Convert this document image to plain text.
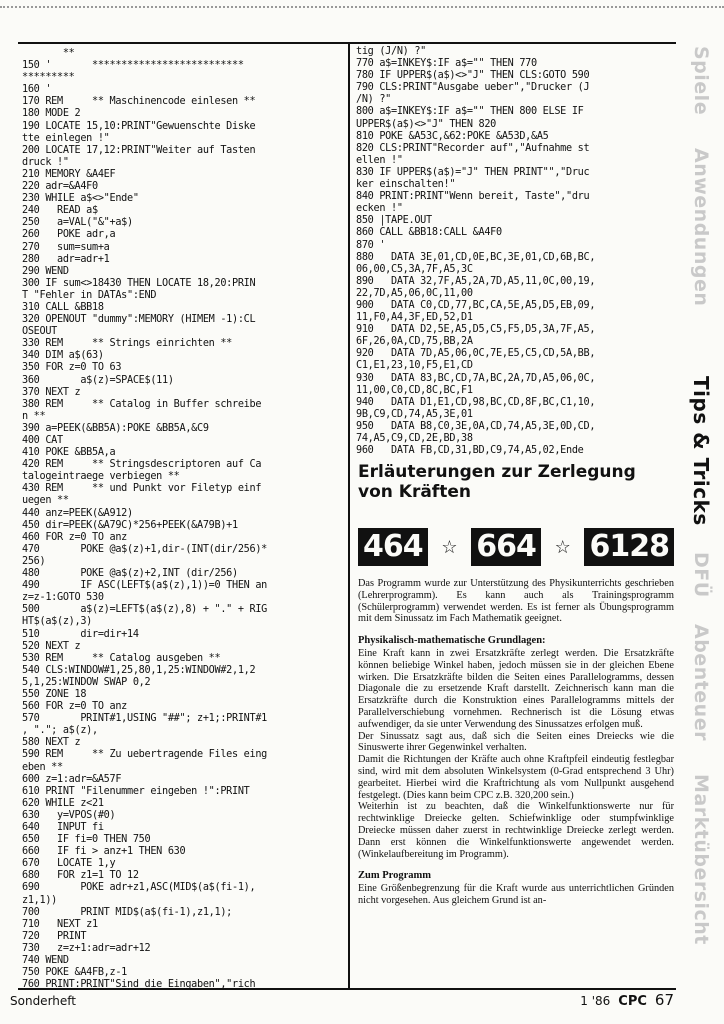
**
150 '       **************************
*********
160 '
170 REM     ** Maschinencode einlesen **
180 MODE 2
190 LOCATE 15,10:PRINT"Gewuenschte Diske
tte einlegen !"
200 LOCATE 17,12:PRINT"Weiter auf Tasten
druck !"
210 MEMORY &A4EF
220 adr=&A4F0
230 WHILE a$<>"Ende"
240   READ a$
250   a=VAL("&"+a$)
260   POKE adr,a
270   sum=sum+a
280   adr=adr+1
290 WEND
300 IF sum<>18430 THEN LOCATE 18,20:PRIN
T "Fehler in DATAs":END
310 CALL &BB18
320 OPENOUT "dummy":MEMORY (HIMEM -1):CL
OSEOUT
330 REM     ** Strings einrichten **
340 DIM a$(63)
350 FOR z=0 TO 63
360       a$(z)=SPACE$(11)
370 NEXT z
380 REM     ** Catalog in Buffer schreibe
n **
390 a=PEEK(&BB5A):POKE &BB5A,&C9
400 CAT
410 POKE &BB5A,a
420 REM     ** Stringsdescriptoren auf Ca
talogeintraege verbiegen **
430 REM     ** und Punkt vor Filetyp einf
uegen **
440 anz=PEEK(&A912)
450 dir=PEEK(&A79C)*256+PEEK(&A79B)+1
460 FOR z=0 TO anz
470       POKE @a$(z)+1,dir-(INT(dir/256)*
256)
480       POKE @a$(z)+2,INT (dir/256)
490       IF ASC(LEFT$(a$(z),1))=0 THEN an
z=z-1:GOTO 530
500       a$(z)=LEFT$(a$(z),8) + "." + RIG
HT$(a$(z),3)
510       dir=dir+14
520 NEXT z
530 REM     ** Catalog ausgeben **
540 CLS:WINDOW#1,25,80,1,25:WINDOW#2,1,2
5,1,25:WINDOW SWAP 0,2
550 ZONE 18
560 FOR z=0 TO anz
570       PRINT#1,USING "##"; z+1;:PRINT#1
, "."; a$(z),
580 NEXT z
590 REM     ** Zu uebertragende Files eing
eben **
600 z=1:adr=&A57F
610 PRINT "Filenummer eingeben !":PRINT
620 WHILE z<21
630   y=VPOS(#0)
640   INPUT fi
650   IF fi=0 THEN 750
660   IF fi > anz+1 THEN 630
670   LOCATE 1,y
680   FOR z1=1 TO 12
690       POKE adr+z1,ASC(MID$(a$(fi-1),
z1,1))
700       PRINT MID$(a$(fi-1),z1,1);
710   NEXT z1
720   PRINT
730   z=z+1:adr=adr+12
740 WEND
750 POKE &A4FB,z-1
760 PRINT:PRINT"Sind die Eingaben","rich
tig (J/N) ?"
770 a$=INKEY$:IF a$="" THEN 770
780 IF UPPER$(a$)<>"J" THEN CLS:GOTO 590
790 CLS:PRINT"Ausgabe ueber","Drucker (J
/N) ?"
800 a$=INKEY$:IF a$="" THEN 800 ELSE IF
UPPER$(a$)<>"J" THEN 820
810 POKE &A53C,&62:POKE &A53D,&A5
820 CLS:PRINT"Recorder auf","Aufnahme st
ellen !"
830 IF UPPER$(a$)="J" THEN PRINT"","Druc
ker einschalten!"
840 PRINT:PRINT"Wenn bereit, Taste","dru
ecken !"
850 |TAPE.OUT
860 CALL &BB18:CALL &A4F0
870 '
880   DATA 3E,01,CD,0E,BC,3E,01,CD,6B,BC,
06,00,C5,3A,7F,A5,3C
890   DATA 32,7F,A5,2A,7D,A5,11,0C,00,19,
22,7D,A5,06,0C,11,00
900   DATA C0,CD,77,BC,CA,5E,A5,D5,EB,09,
11,F0,A4,3F,ED,52,D1
910   DATA D2,5E,A5,D5,C5,F5,D5,3A,7F,A5,
6F,26,0A,CD,75,BB,2A
920   DATA 7D,A5,06,0C,7E,E5,C5,CD,5A,BB,
C1,E1,23,10,F5,E1,CD
930   DATA 83,BC,CD,7A,BC,2A,7D,A5,06,0C,
11,00,C0,CD,8C,BC,F1
940   DATA D1,E1,CD,98,BC,CD,8F,BC,C1,10,
9B,C9,CD,74,A5,3E,01
950   DATA B8,C0,3E,0A,CD,74,A5,3E,0D,CD,
74,A5,C9,CD,2E,BD,38
960   DATA FB,CD,31,BD,C9,74,A5,02,Ende
Erläuterungen zur Zerlegung von Kräften
464 ☆ 664 ☆ 6128

Das Programm wurde zur Unterstützung des Physikunterrichts geschrieben (Lehrerprogramm). Es kann auch als Trainingsprogramm (Schülerprogramm) verwendet werden. Es ist ferner als Übungsprogramm mit dem Sinussatz im Fach Mathematik geeignet.

Physikalisch-mathematische Grundlagen:

Eine Kraft kann in zwei Ersatzkräfte zerlegt werden. Die Ersatzkräfte können beliebige Winkel haben, jedoch müssen sie in der gleichen Ebene wirken. Die Ersatzkräfte bilden die Seiten eines Parallelogramms, dessen Diagonale die zu ersetzende Kraft darstellt. Zeichnerisch kann man die Ersatzkräfte durch die Konstruktion eines Parallelogramms mittels der Parallelverschiebung vornehmen. Rechnerisch ist die Lösung etwas aufwendiger, da sie unter Verwendung des Sinussatzes erfolgen muß.

Der Sinussatz sagt aus, daß sich die Seiten eines Dreiecks wie die Sinuswerte ihrer Gegenwinkel verhalten.

Damit die Richtungen der Kräfte auch ohne Kraftpfeil eindeutig festlegbar sind, wird mit dem absoluten Winkelsystem (0-Grad entsprechend 3 Uhr) gearbeitet. Hierbei wird die Kraftrichtung als vom Nullpunkt ausgehend festgelegt. (Dies kann beim CPC z.B. 320,200 sein.)

Weiterhin ist zu beachten, daß die Winkelfunktionswerte nur für rechtwinklige Dreiecke gelten. Schiefwinklige oder stumpfwinklige Dreiecke müssen daher zuerst in rechtwinklige Dreiecke zerlegt werden. Dann erst können die Winkelfunktionswerte angewendet werden. (Winkelaufbereitung im Programm).

Zum Programm

Eine Größenbegrenzung für die Kraft wurde aus unterrichtlichen Gründen nicht vorgesehen. Aus gleichem Grund ist an-

Spiele
Anwendungen
Tips & Tricks
DFÜ
Abenteuer
Marktübersicht
Sonderheft	1 '86 CPC 67
